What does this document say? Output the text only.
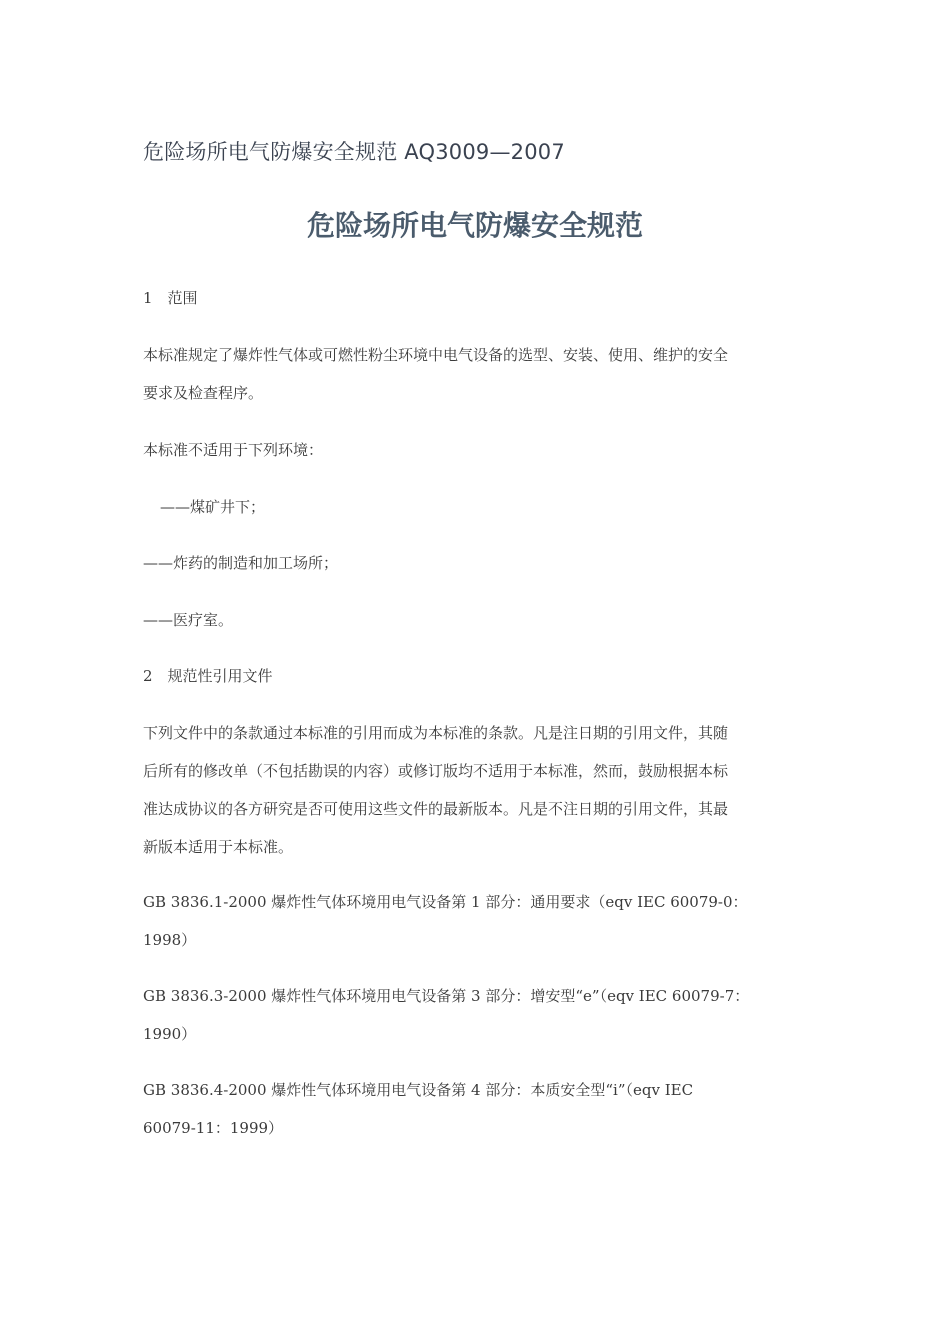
危险场所电气防爆安全规范 AQ3009—2007
危险场所电气防爆安全规范
1　范围
本标准规定了爆炸性气体或可燃性粉尘环境中电气设备的选型、安装、使用、维护的安全
要求及检查程序。
本标准不适用于下列环境：
——煤矿井下；
——炸药的制造和加工场所；
——医疗室。
2　规范性引用文件
下列文件中的条款通过本标准的引用而成为本标准的条款。凡是注日期的引用文件，其随
后所有的修改单（不包括勘误的内容）或修订版均不适用于本标准，然而，鼓励根据本标
准达成协议的各方研究是否可使用这些文件的最新版本。凡是不注日期的引用文件，其最
新版本适用于本标准。
GB 3836.1-2000 爆炸性气体环境用电气设备第 1 部分：通用要求（eqv IEC 60079-0：
1998）
GB 3836.3-2000 爆炸性气体环境用电气设备第 3 部分：增安型“e”（eqv IEC 60079-7：
1990）
GB 3836.4-2000 爆炸性气体环境用电气设备第 4 部分：本质安全型“i”（eqv IEC
60079-11：1999）
